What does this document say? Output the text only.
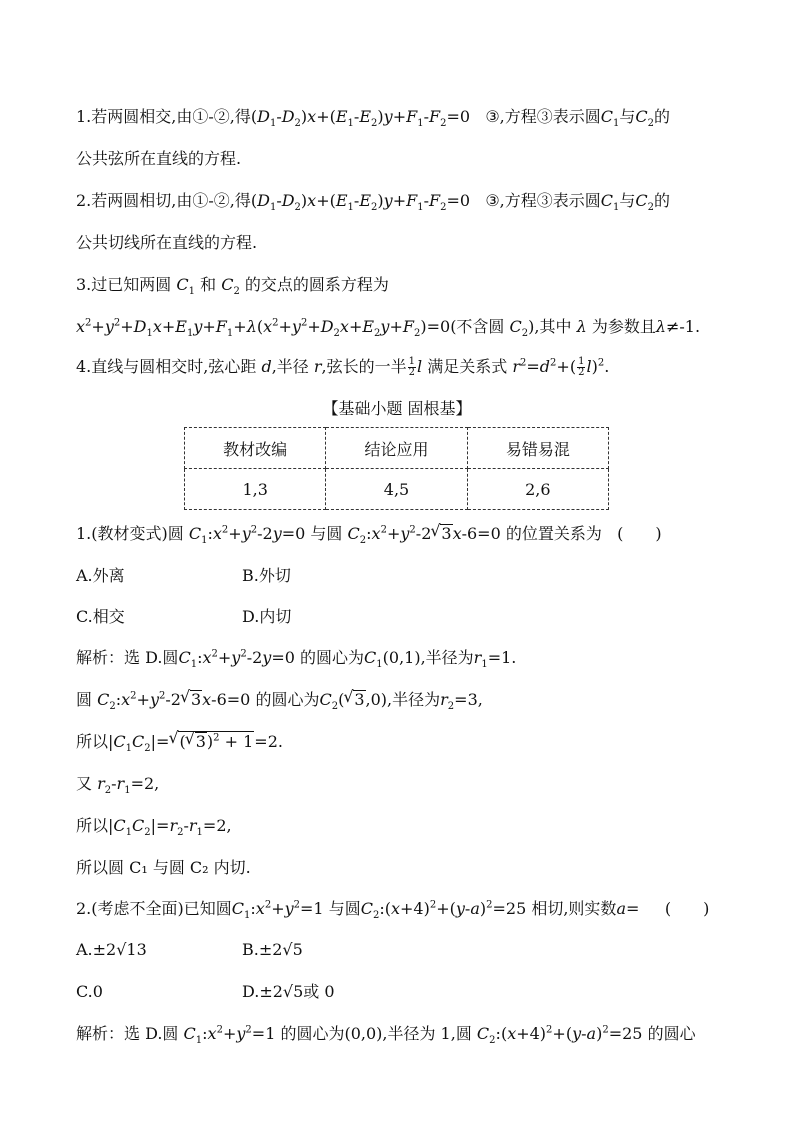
1.若两圆相交,由①-②,得$(D_1-D_2)x+(E_1-E_2)y+F_1-F_2=0$   ③,方程③表示圆$C_1$与$C_2$的
公共弦所在直线的方程.
2.若两圆相切,由①-②,得$(D_1-D_2)x+(E_1-E_2)y+F_1-F_2=0$   ③,方程③表示圆$C_1$与$C_2$的
公共切线所在直线的方程.
3.过已知两圆 $C_1$ 和 $C_2$ 的交点的圆系方程为
$x^2+y^2+D_1x+E_1y+F_1+\lambda(x^2+y^2+D_2x+E_2y+F_2)=0$(不含圆 $C_2$),其中 λ 为参数且λ≠-1.
4.直线与圆相交时,弦心距 d,半径 r,弦长的一半 $\frac{1}{2}$ l 满足关系式 $r^2=d^2+( \frac{1}{2} l)^2$.
【基础小题 固根基】
教材改编	结论应用	易错易混
1,3	4,5	2,6
1.(教材变式)圆 $C_1:x^2+y^2-2y=0$ 与圆 $C_2:x^2+y^2-2$ √ 3x-6=0 的位置关系为 (　　)
A.外离	B.外切
C.相交	D.内切
解析：选 D.圆$C_1:x^2+y^2-2y=0$ 的圆心为$C_1(0,1)$,半径为$r_1=1$.
圆 $C_2:x^2+y^2-2$ √ 3x-6=0 的圆心为$C_2$( √ 3,0),半径为$r_2=3$,
所以$|C_1C_2|=$ √ ( √ 3)$^2$ + 1=2.
又 $r_2-r_1=2$,
所以$|C_1C_2|=r_2-r_1=2$,
所以圆 C₁ 与圆 C₂ 内切.
2.(考虑不全面)已知圆$C_1:x^2+y^2=1$ 与圆$C_2:(x+4)^2+(y-a)^2=25$ 相切,则实数a=     (　　)
A.±2√13	B.±2√5
C.0	D.±2√5或 0
解析：选 D.圆 $C_1:x^2+y^2=1$ 的圆心为(0,0),半径为 1,圆 $C_2:(x+4)^2+(y-a)^2=25$ 的圆心
